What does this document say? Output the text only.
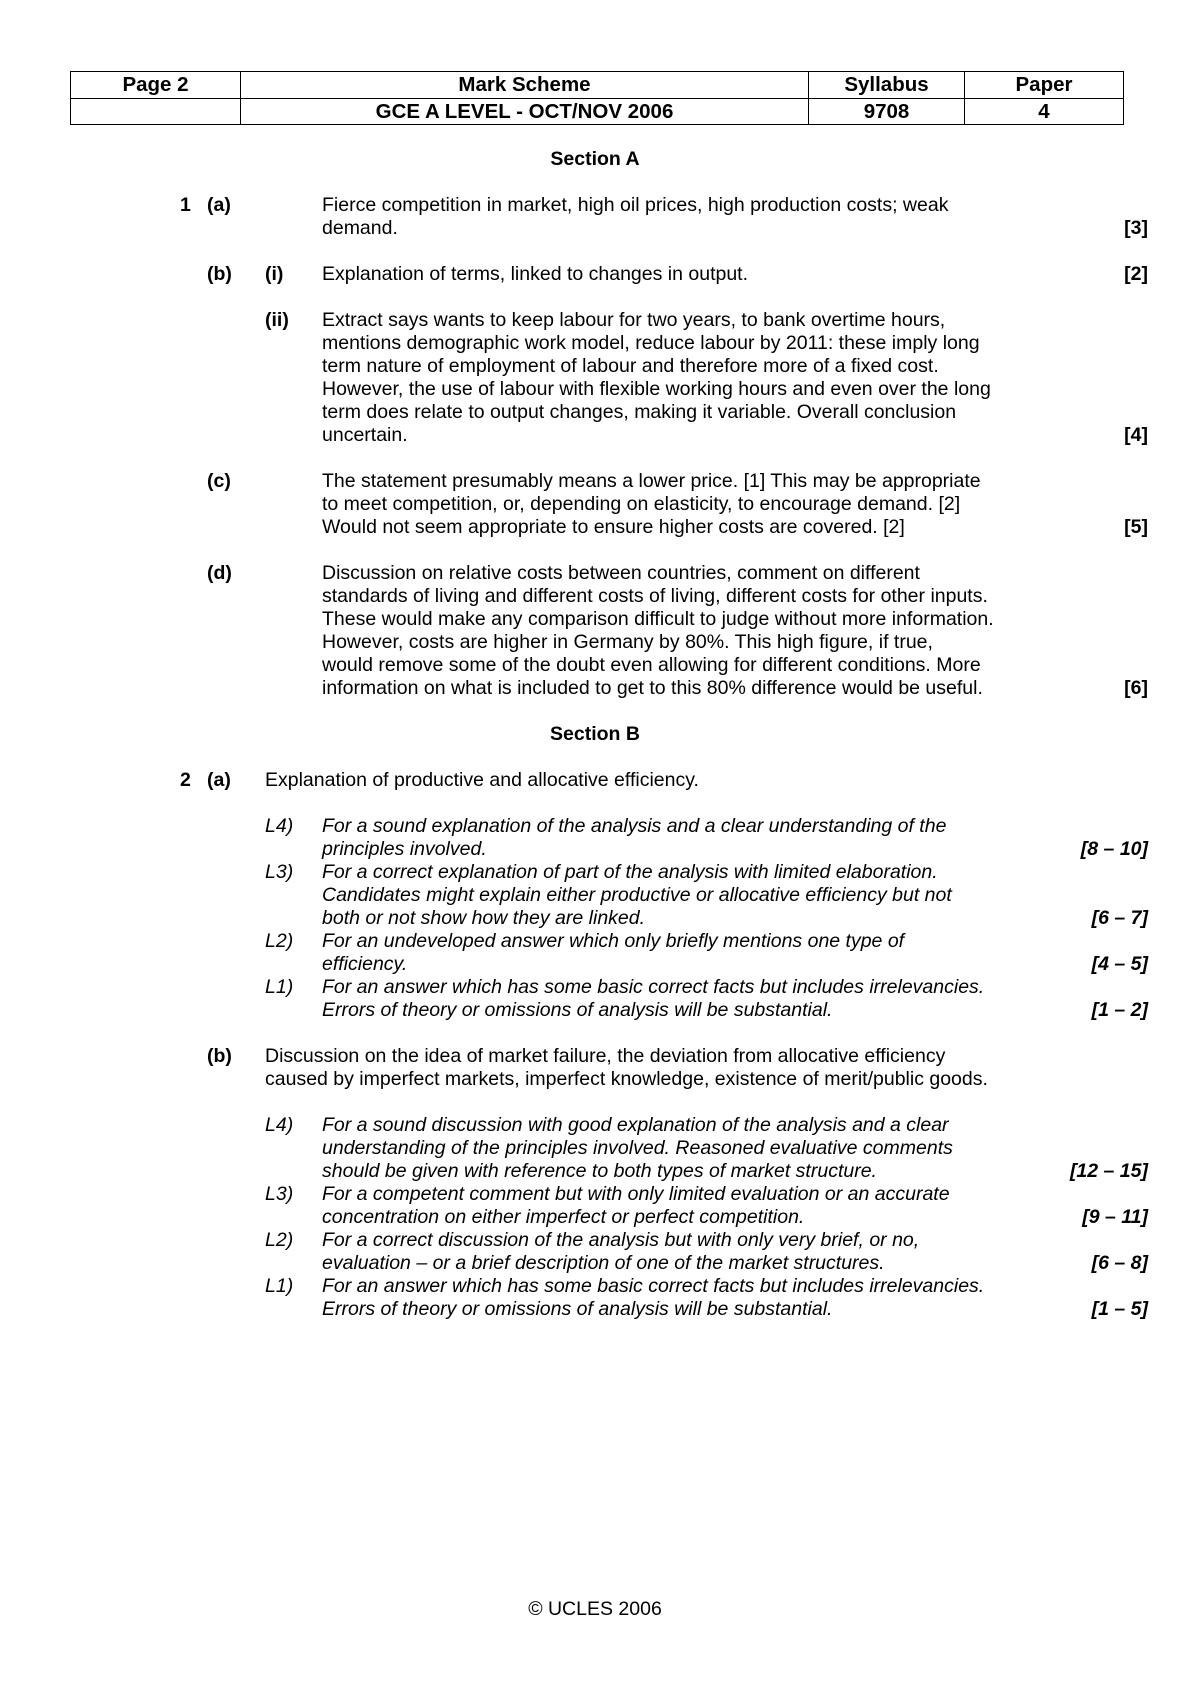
Page 2	Mark Scheme	Syllabus	Paper
	GCE A LEVEL - OCT/NOV 2006	9708	4
Section A
1 (a)	Fierce competition in market, high oil prices, high production costs; weak
demand.	[3]
(b) (i) Explanation of terms, linked to changes in output.	[2]
(ii) Extract says wants to keep labour for two years, to bank overtime hours,
mentions demographic work model, reduce labour by 2011: these imply long
term nature of employment of labour and therefore more of a fixed cost.
However, the use of labour with flexible working hours and even over the long
term does relate to output changes, making it variable. Overall conclusion
uncertain.	[4]
(c)	The statement presumably means a lower price. [1] This may be appropriate
to meet competition, or, depending on elasticity, to encourage demand. [2]
Would not seem appropriate to ensure higher costs are covered. [2]	[5]
(d)	Discussion on relative costs between countries, comment on different
standards of living and different costs of living, different costs for other inputs.
These would make any comparison difficult to judge without more information.
However, costs are higher in Germany by 80%. This high figure, if true,
would remove some of the doubt even allowing for different conditions. More
information on what is included to get to this 80% difference would be useful.	[6]
Section B
2 (a) Explanation of productive and allocative efficiency.
L4) For a sound explanation of the analysis and a clear understanding of the
principles involved.	[8 – 10]
L3) For a correct explanation of part of the analysis with limited elaboration.
Candidates might explain either productive or allocative efficiency but not
both or not show how they are linked.	[6 – 7]
L2) For an undeveloped answer which only briefly mentions one type of
efficiency.	[4 – 5]
L1) For an answer which has some basic correct facts but includes irrelevancies.
Errors of theory or omissions of analysis will be substantial.	[1 – 2]
(b) Discussion on the idea of market failure, the deviation from allocative efficiency
caused by imperfect markets, imperfect knowledge, existence of merit/public goods.
L4) For a sound discussion with good explanation of the analysis and a clear
understanding of the principles involved. Reasoned evaluative comments
should be given with reference to both types of market structure.	[12 – 15]
L3) For a competent comment but with only limited evaluation or an accurate
concentration on either imperfect or perfect competition.	[9 – 11]
L2) For a correct discussion of the analysis but with only very brief, or no,
evaluation – or a brief description of one of the market structures.	[6 – 8]
L1) For an answer which has some basic correct facts but includes irrelevancies.
Errors of theory or omissions of analysis will be substantial.	[1 – 5]
© UCLES 2006
